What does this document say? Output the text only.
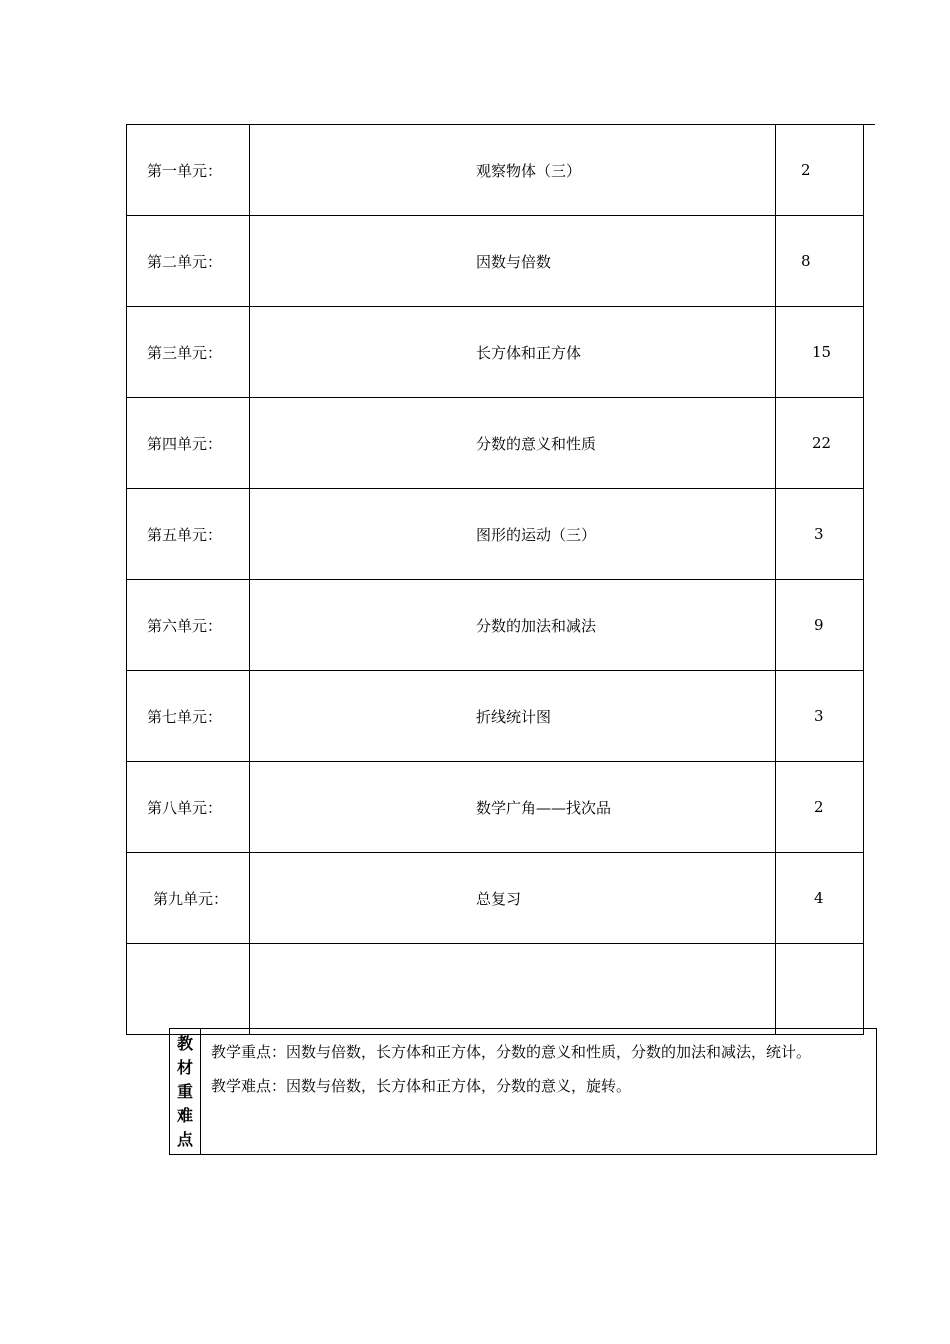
第一单元：	观察物体（三）	2
第二单元：	因数与倍数	8
第三单元：	长方体和正方体	15
第四单元：	分数的意义和性质	22
第五单元：	图形的运动（三）	3
第六单元：	分数的加法和减法	9
第七单元：	折线统计图	3
第八单元：	数学广角——找次品	2
第九单元：	总复习	4

教
材
重
难
点

教学重点：因数与倍数，长方体和正方体，分数的意义和性质，分数的加法和减法，统计。

教学难点：因数与倍数，长方体和正方体，分数的意义，旋转。
